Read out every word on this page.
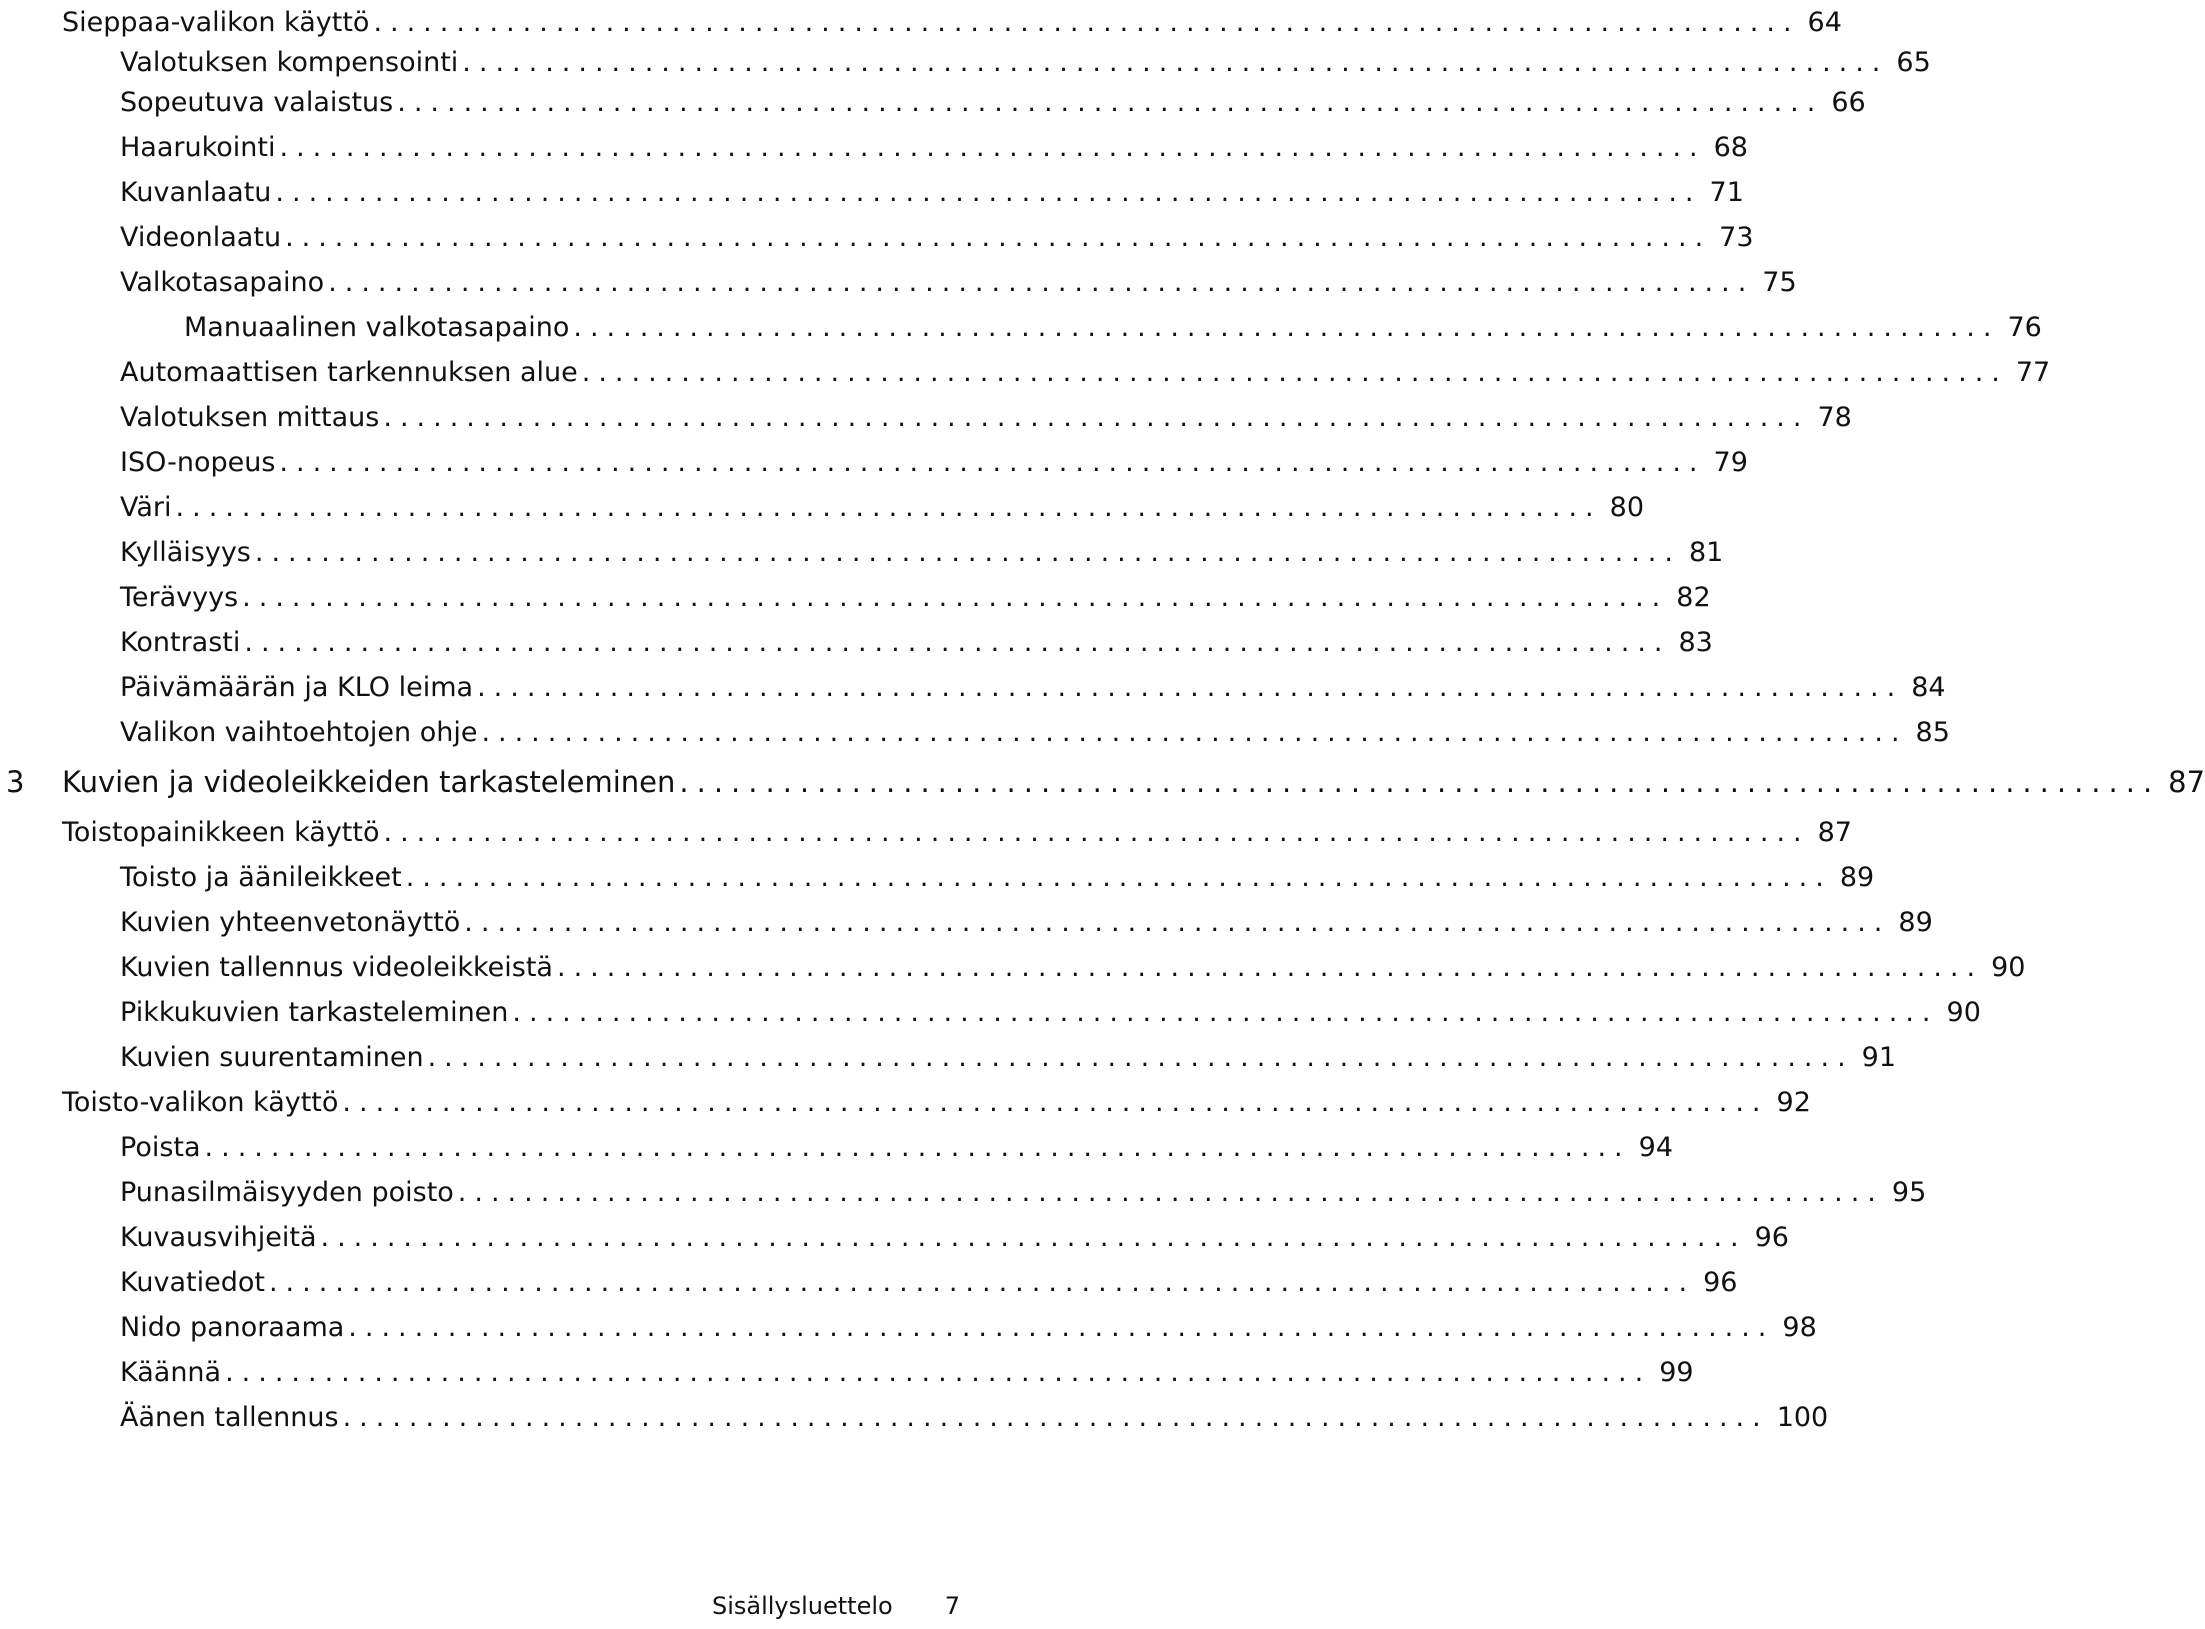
Sieppaa-valikon käyttö ...................................................................................... 64
Valotuksen kompensointi ...................................................................................... 65
Sopeutuva valaistus ...................................................................................... 66
Haarukointi ...................................................................................... 68
Kuvanlaatu ...................................................................................... 71
Videonlaatu ...................................................................................... 73
Valkotasapaino ...................................................................................... 75
Manuaalinen valkotasapaino ...................................................................................... 76
Automaattisen tarkennuksen alue ...................................................................................... 77
Valotuksen mittaus ...................................................................................... 78
ISO-nopeus ...................................................................................... 79
Väri ...................................................................................... 80
Kylläisyys ...................................................................................... 81
Terävyys ...................................................................................... 82
Kontrasti ...................................................................................... 83
Päivämäärän ja KLO leima ...................................................................................... 84
Valikon vaihtoehtojen ohje ...................................................................................... 85
3	Kuvien ja videoleikkeiden tarkasteleminen ...................................................................................... 87
Toistopainikkeen käyttö ...................................................................................... 87
Toisto ja äänileikkeet ...................................................................................... 89
Kuvien yhteenvetonäyttö ...................................................................................... 89
Kuvien tallennus videoleikkeistä ...................................................................................... 90
Pikkukuvien tarkasteleminen ...................................................................................... 90
Kuvien suurentaminen ...................................................................................... 91
Toisto-valikon käyttö ...................................................................................... 92
Poista ...................................................................................... 94
Punasilmäisyyden poisto ...................................................................................... 95
Kuvausvihjeitä ...................................................................................... 96
Kuvatiedot ...................................................................................... 96
Nido panoraama ...................................................................................... 98
Käännä ...................................................................................... 99
Äänen tallennus ...................................................................................... 100
Sisällysluettelo 7
